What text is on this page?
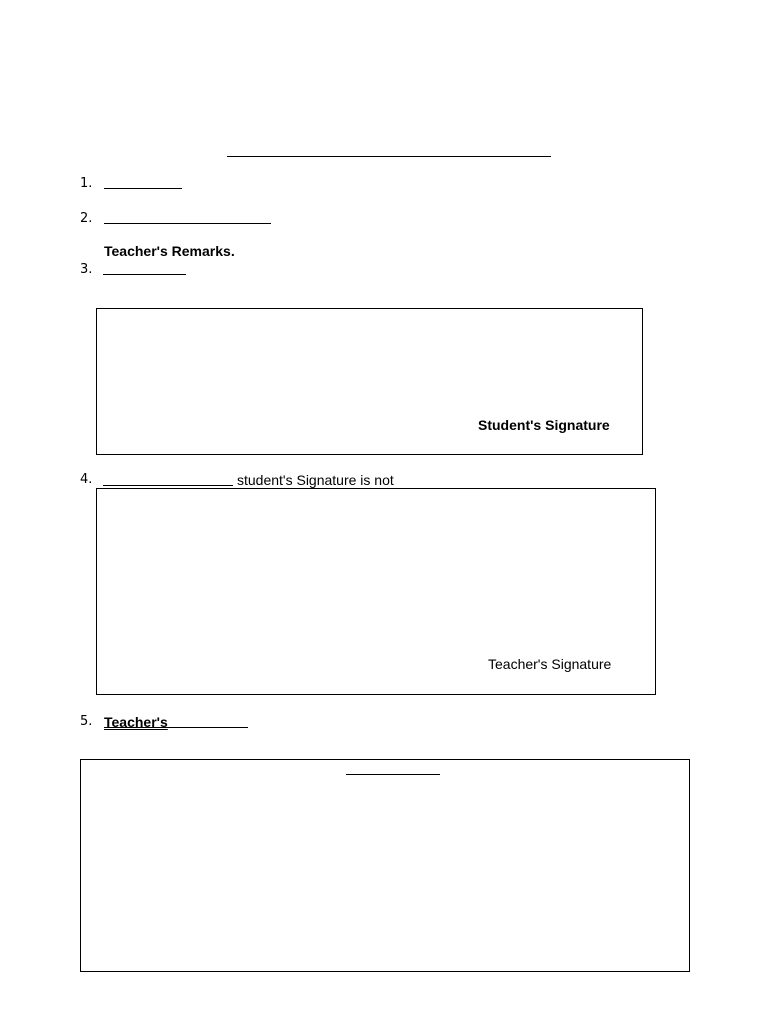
1.
2.
Teacher's Remarks.
3.
Student's Signature
4.	student's Signature is not
Teacher's Signature
5. Teacher's
